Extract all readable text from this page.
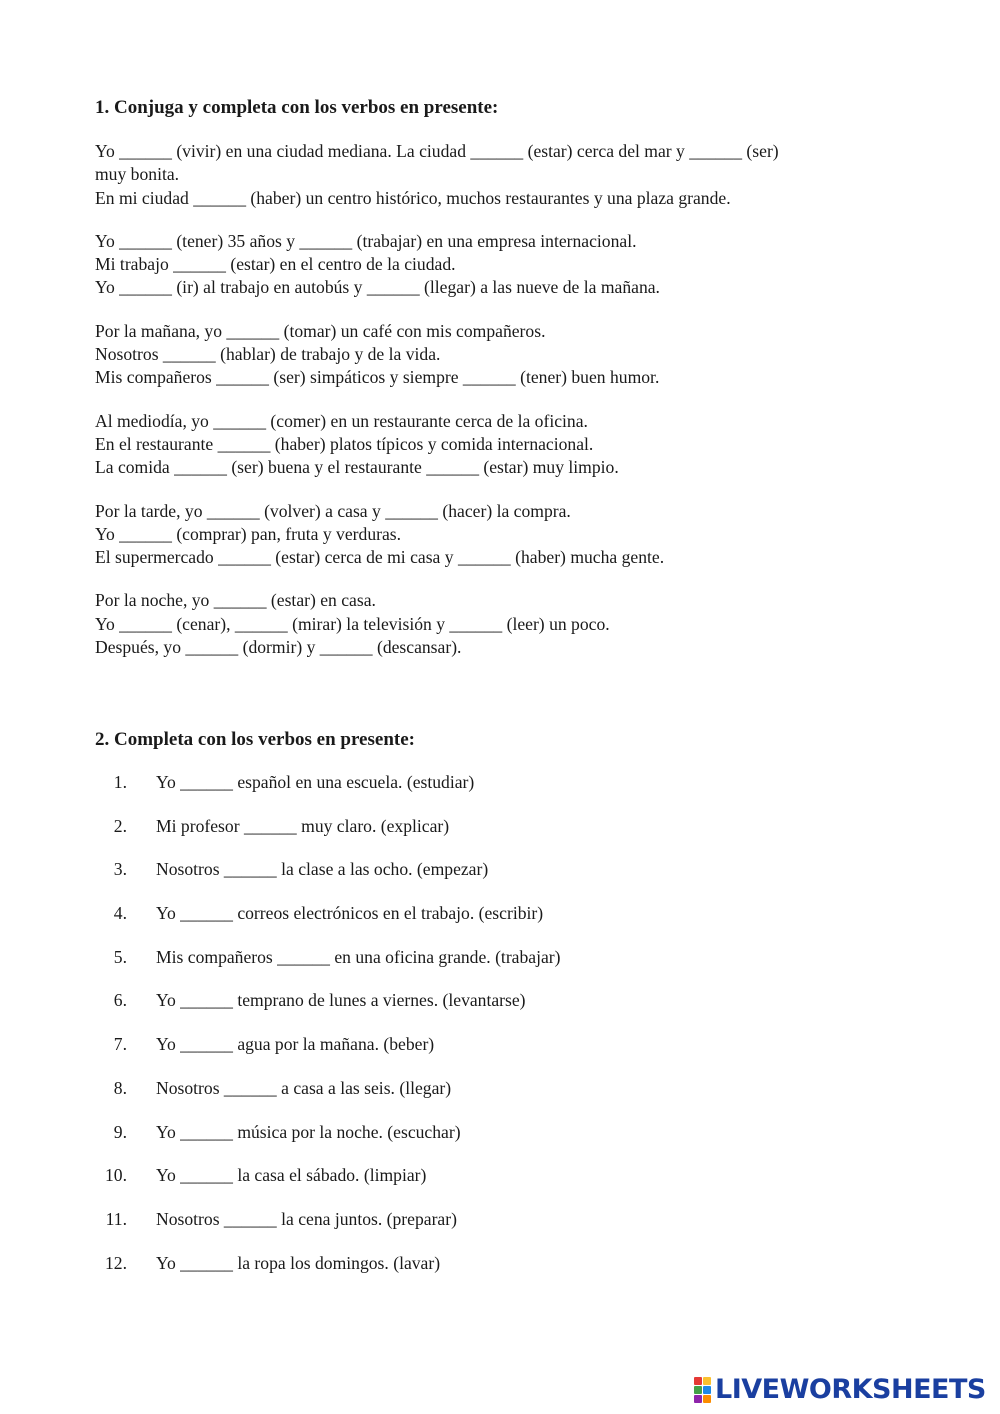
1. Conjuga y completa con los verbos en presente:

Yo ______ (vivir) en una ciudad mediana. La ciudad ______ (estar) cerca del mar y ______ (ser)
muy bonita.
En mi ciudad ______ (haber) un centro histórico, muchos restaurantes y una plaza grande.

Yo ______ (tener) 35 años y ______ (trabajar) en una empresa internacional.
Mi trabajo ______ (estar) en el centro de la ciudad.
Yo ______ (ir) al trabajo en autobús y ______ (llegar) a las nueve de la mañana.

Por la mañana, yo ______ (tomar) un café con mis compañeros.
Nosotros ______ (hablar) de trabajo y de la vida.
Mis compañeros ______ (ser) simpáticos y siempre ______ (tener) buen humor.

Al mediodía, yo ______ (comer) en un restaurante cerca de la oficina.
En el restaurante ______ (haber) platos típicos y comida internacional.
La comida ______ (ser) buena y el restaurante ______ (estar) muy limpio.

Por la tarde, yo ______ (volver) a casa y ______ (hacer) la compra.
Yo ______ (comprar) pan, fruta y verduras.
El supermercado ______ (estar) cerca de mi casa y ______ (haber) mucha gente.

Por la noche, yo ______ (estar) en casa.
Yo ______ (cenar), ______ (mirar) la televisión y ______ (leer) un poco.
Después, yo ______ (dormir) y ______ (descansar).

2. Completa con los verbos en presente:
1. Yo ______ español en una escuela. (estudiar)
2. Mi profesor ______ muy claro. (explicar)
3. Nosotros ______ la clase a las ocho. (empezar)
4. Yo ______ correos electrónicos en el trabajo. (escribir)
5. Mis compañeros ______ en una oficina grande. (trabajar)
6. Yo ______ temprano de lunes a viernes. (levantarse)
7. Yo ______ agua por la mañana. (beber)
8. Nosotros ______ a casa a las seis. (llegar)
9. Yo ______ música por la noche. (escuchar)
10. Yo ______ la casa el sábado. (limpiar)
11. Nosotros ______ la cena juntos. (preparar)
12. Yo ______ la ropa los domingos. (lavar)
LIVEWORKSHEETS
